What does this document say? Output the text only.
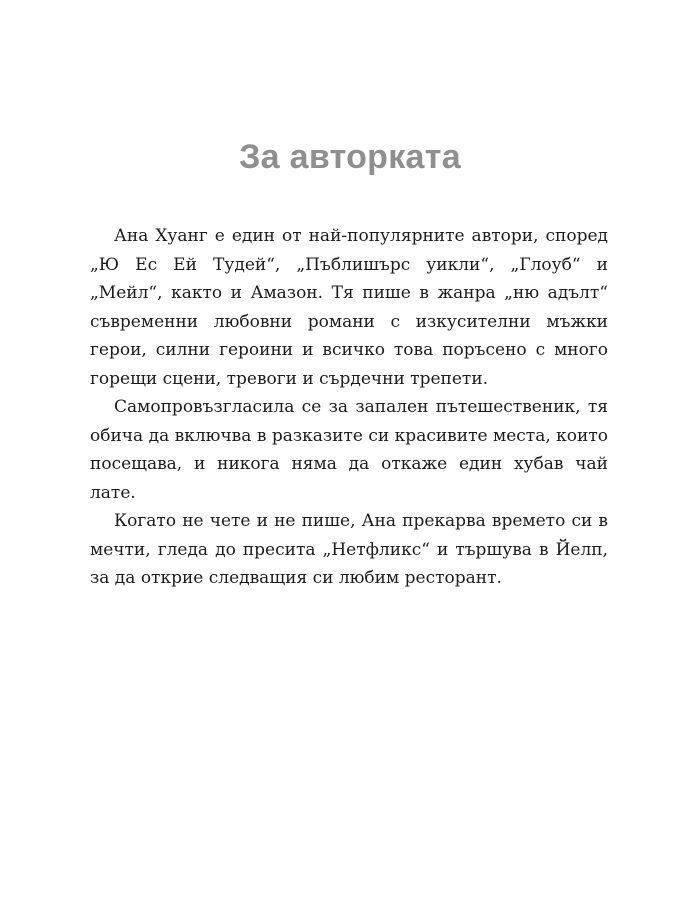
За авторката

Ана Хуанг е един от най-популярните автори, според „Ю Ес Ей Тудей“, „Пъблишърс уикли“, „Глоуб“ и „Мейл“, както и Амазон. Тя пише в жанра „ню адълт“ съвременни любовни романи с изкусителни мъжки герои, силни героини и всичко това поръсено с много горещи сцени, тревоги и сърдечни трепети.

Самопровъзгласила се за запален пътешественик, тя обича да включва в разказите си красивите места, които посещава, и никога няма да откаже един хубав чай лате.

Когато не чете и не пише, Ана прекарва времето си в мечти, гледа до пресита „Нетфликс“ и тършува в Йелп, за да открие следващия си любим ресторант.
